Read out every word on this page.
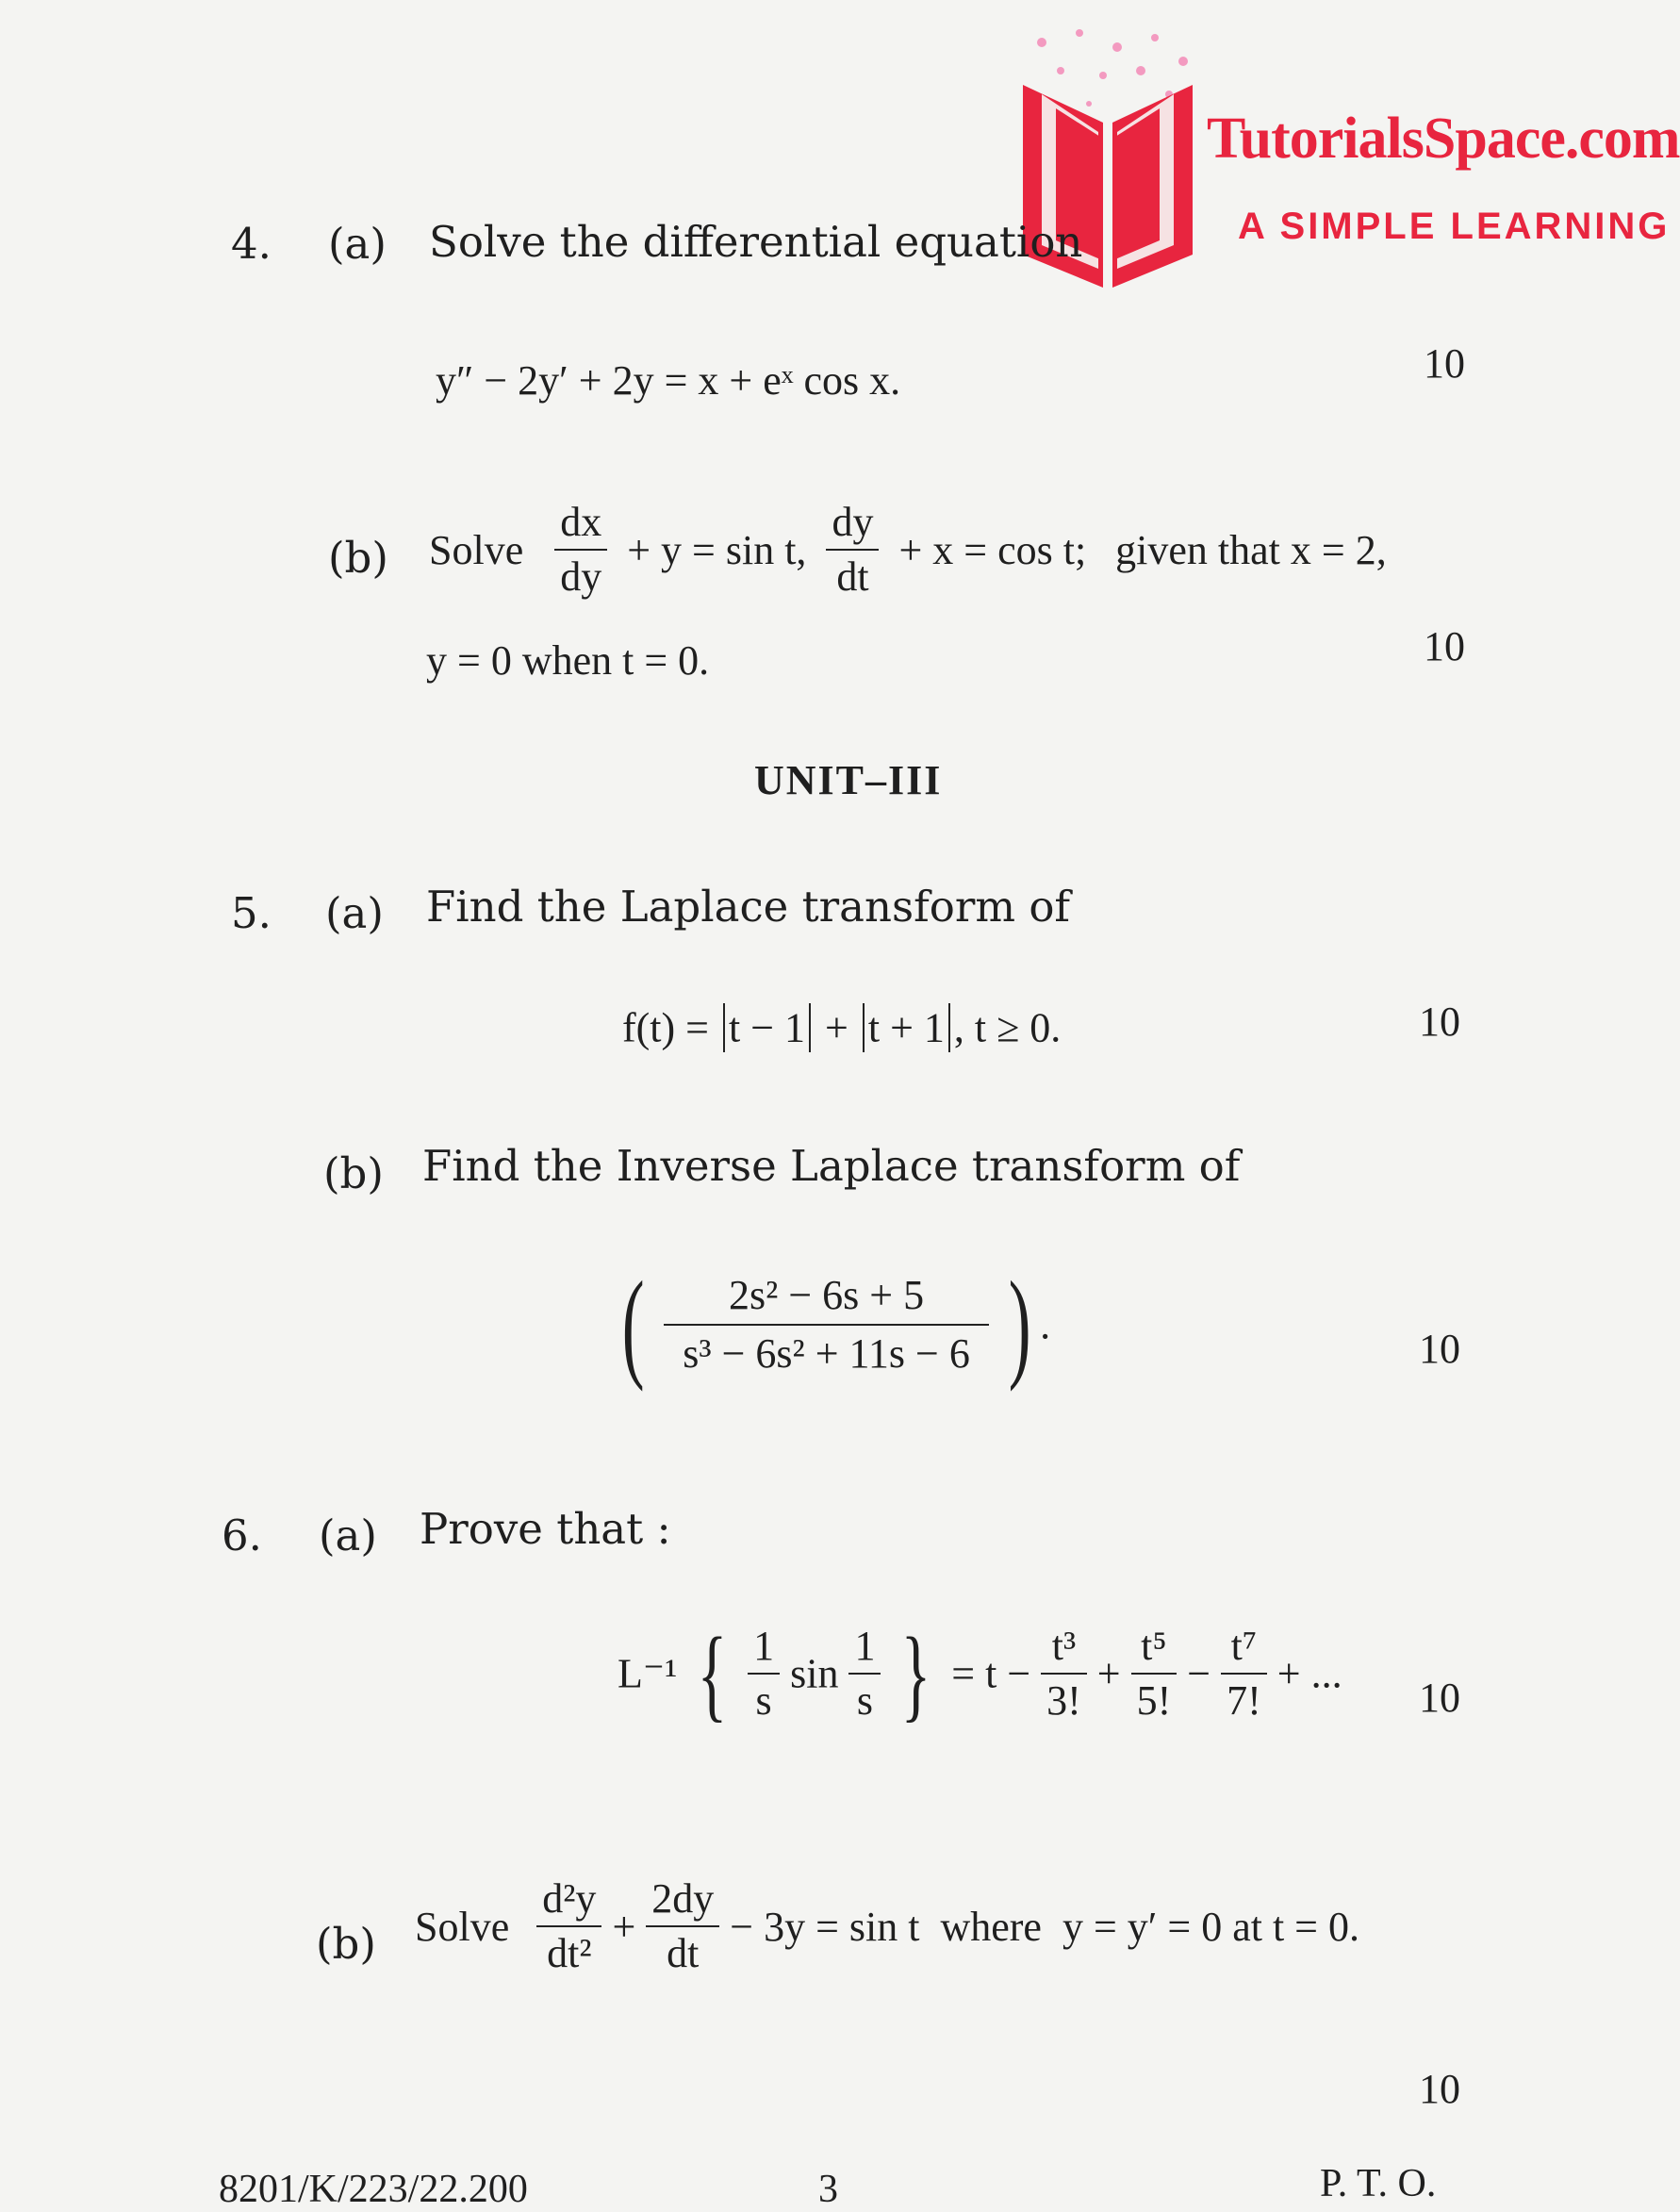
TutorialsSpace.com
A SIMPLE LEARNING
4. (a) Solve the differential equation
y″ − 2y′ + 2y = x + eˣ cos x.	10
(b) Solve $\frac{dx}{dy} + y = \sin t$, $\frac{dy}{dt} + x = \cos t$; given that x = 2,
y = 0 when t = 0.	10
UNIT–III
5. (a) Find the Laplace transform of
f(t) = t − 1 + t + 1 , t ≥ 0.	10
(b) Find the Inverse Laplace transform of
( $\frac{\text{2s² − 6s + 5}}{\text{s³ − 6s² + 11s − 6}}$ ) .
10
6. (a) Prove that :
L⁻¹ { $\frac{1}{s}$ $\sin \frac{1}{s}$ } = $t - \frac{\text{t³}}{3!} + \frac{\text{t⁵}}{5!} - \frac{\text{t⁷}}{7!}$ + ...
10
(b) Solve $\frac{\text{d²y}}{\text{dt²}} + \frac{2dy}{dt} - 3y = \sin t$  where  y = y′ = 0 at t = 0.
10
8201/K/223/22.200	3	P. T. O.
